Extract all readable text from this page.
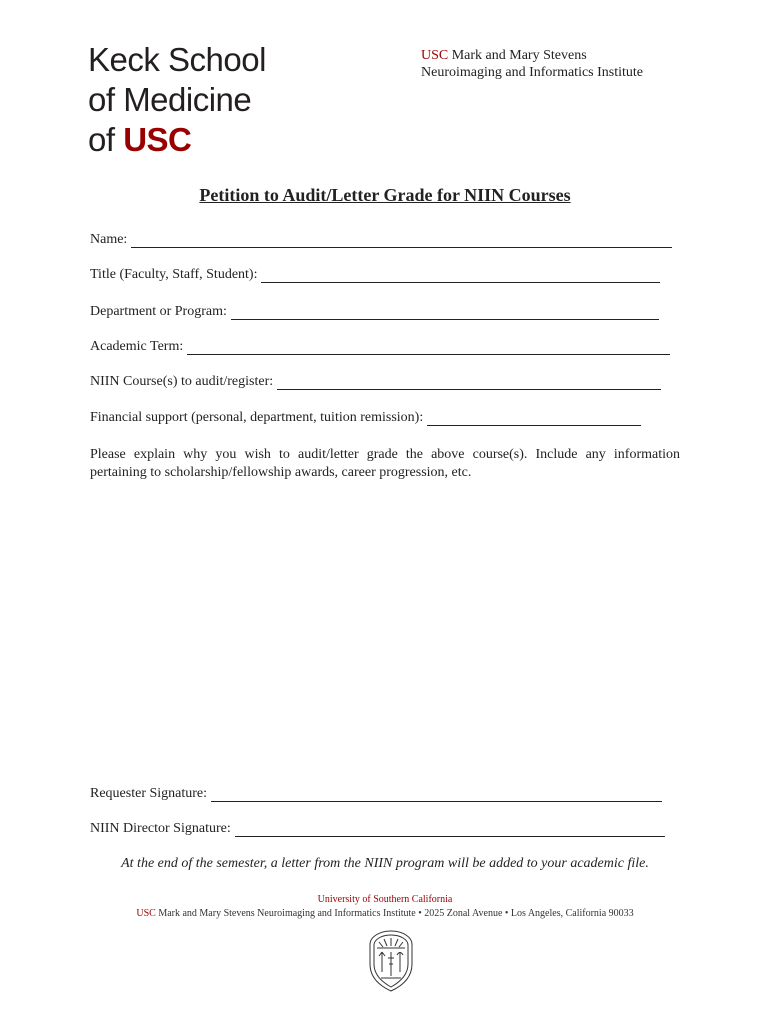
Keck School
of Medicine
of USC
USC Mark and Mary Stevens
Neuroimaging and Informatics Institute
Petition to Audit/Letter Grade for NIIN Courses
Name:
Title (Faculty, Staff, Student):
Department or Program:
Academic Term:
NIIN Course(s) to audit/register:
Financial support (personal, department, tuition remission):
Please explain why you wish to audit/letter grade the above course(s). Include any information pertaining to scholarship/fellowship awards, career progression, etc.
Requester Signature:
NIIN Director Signature:
At the end of the semester, a letter from the NIIN program will be added to your academic file.
University of Southern California
USC Mark and Mary Stevens Neuroimaging and Informatics Institute • 2025 Zonal Avenue • Los Angeles, California 90033
